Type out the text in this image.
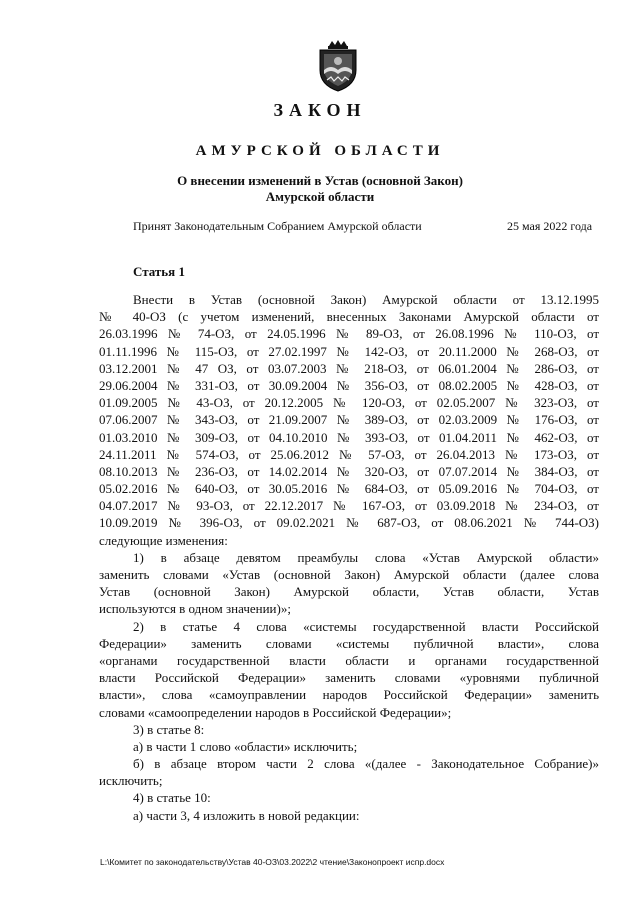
ЗАКОН
АМУРСКОЙ ОБЛАСТИ
О внесении изменений в Устав (основной Закон)
Амурской области
Принят Законодательным Собранием Амурской области	25 мая 2022 года
Статья 1
Внести в Устав (основной Закон) Амурской области от 13.12.1995
№ 40-ОЗ (с учетом изменений, внесенных Законами Амурской области от
26.03.1996 № 74-ОЗ, от 24.05.1996 № 89-ОЗ, от 26.08.1996 № 110-ОЗ, от
01.11.1996 № 115-ОЗ, от 27.02.1997 № 142-ОЗ, от 20.11.2000 № 268-ОЗ, от
03.12.2001 № 47 ОЗ, от 03.07.2003 № 218-ОЗ, от 06.01.2004 № 286-ОЗ, от
29.06.2004 № 331-ОЗ, от 30.09.2004 № 356-ОЗ, от 08.02.2005 № 428-ОЗ, от
01.09.2005 № 43-ОЗ, от 20.12.2005 № 120-ОЗ, от 02.05.2007 № 323-ОЗ, от
07.06.2007 № 343-ОЗ, от 21.09.2007 № 389-ОЗ, от 02.03.2009 № 176-ОЗ, от
01.03.2010 № 309-ОЗ, от 04.10.2010 № 393-ОЗ, от 01.04.2011 № 462-ОЗ, от
24.11.2011 № 574-ОЗ, от 25.06.2012 № 57-ОЗ, от 26.04.2013 № 173-ОЗ, от
08.10.2013 № 236-ОЗ, от 14.02.2014 № 320-ОЗ, от 07.07.2014 № 384-ОЗ, от
05.02.2016 № 640-ОЗ, от 30.05.2016 № 684-ОЗ, от 05.09.2016 № 704-ОЗ, от
04.07.2017 № 93-ОЗ, от 22.12.2017 № 167-ОЗ, от 03.09.2018 № 234-ОЗ, от
10.09.2019 № 396-ОЗ, от 09.02.2021 № 687-ОЗ, от 08.06.2021 № 744-ОЗ)
следующие изменения:
1) в абзаце девятом преамбулы слова «Устав Амурской области»
заменить словами «Устав (основной Закон) Амурской области (далее слова
Устав (основной Закон) Амурской области, Устав области, Устав
используются в одном значении)»;
2) в статье 4 слова «системы государственной власти Российской
Федерации» заменить словами «системы публичной власти», слова
«органами государственной власти области и органами государственной
власти Российской Федерации» заменить словами «уровнями публичной
власти», слова «самоуправлении народов Российской Федерации» заменить
словами «самоопределении народов в Российской Федерации»;
3) в статье 8:
а) в части 1 слово «области» исключить;
б) в абзаце втором части 2 слова «(далее - Законодательное Собрание)»
исключить;
4) в статье 10:
а) части 3, 4 изложить в новой редакции:
L:\Комитет по законодательству\Устав 40-ОЗ\03.2022\2 чтение\Законопроект испр.docx
